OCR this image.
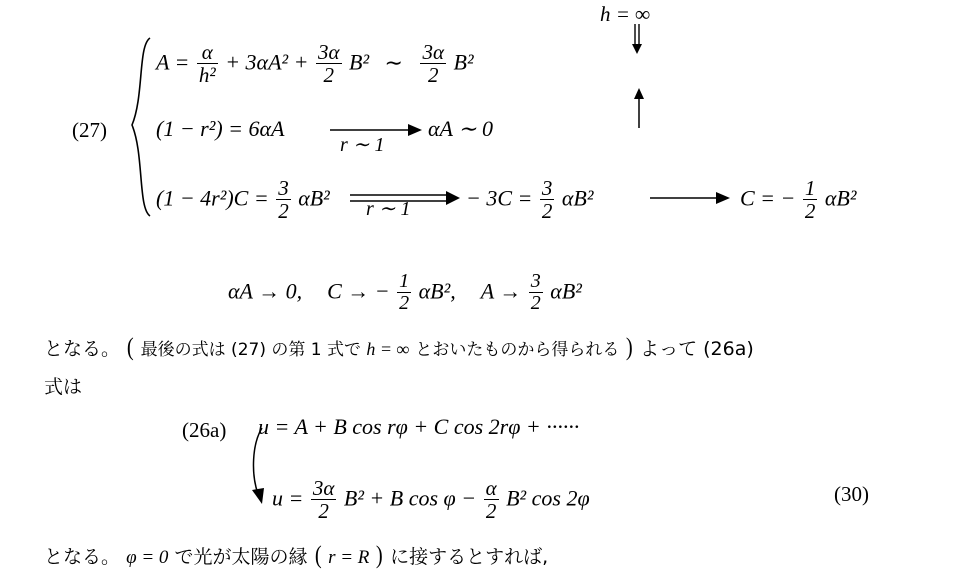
h = ∞
(27)
$A = \frac{\alpha}{\text{h²}} + 3\alpha A^2 + \frac{3\alpha}{2} B^2$ ∼ $\frac{3\alpha}{2} B^2$
(1 − r²) = 6αA
r ∼ 1
αA ∼ 0
$(1 - 4r^2)C = \frac{3}{2} \alpha B^2$ r ∼ 1	− $3C = \frac{3}{2} \alpha B^2$	C = − $\frac{1}{2} \alpha B^2$
αA → 0, C → − $\frac{1}{2} \alpha B^2$, $A \to \frac{3}{2} \alpha B^2$
となる。 ( 最後の式は (27) の第 1 式で h = ∞ とおいたものから得られる ) よって (26a)
式は
(26a) u = A + B cos rφ + C cos 2rφ + ······
$u = \frac{3\alpha}{2} B^2 + B$ $\cos \varphi - \frac{\alpha}{2} B^2$ cos 2φ	(30)
となる。 φ = 0 で光が太陽の縁 ( r = R ) に接するとすれば,
